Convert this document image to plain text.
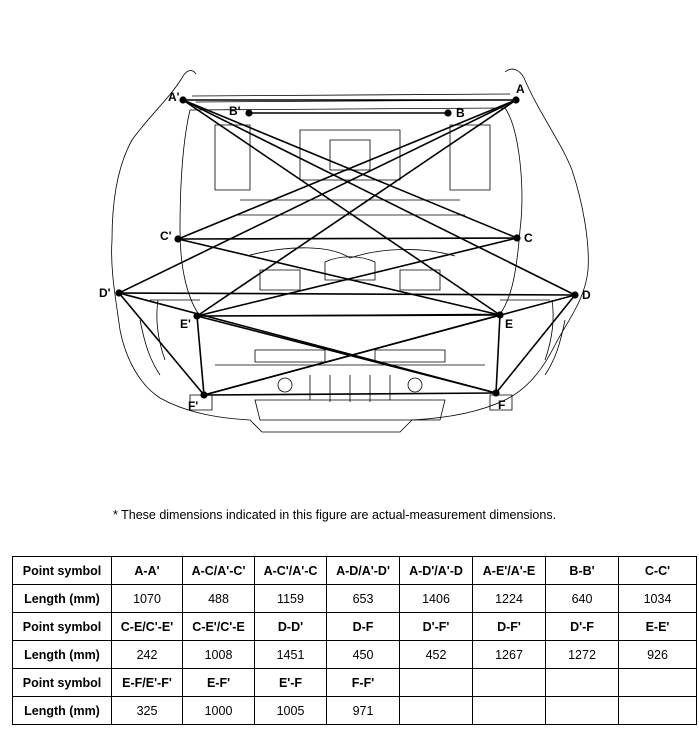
A
A'
B
B'
C
C'
D
D'
E
E'
F
F'
* These dimensions indicated in this figure are actual-measurement dimensions.
Point symbol	A-A'	A-C/A'-C'	A-C'/A'-C	A-D/A'-D'	A-D'/A'-D	A-E'/A'-E	B-B'	C-C'
Length (mm)	1070	488	1159	653	1406	1224	640	1034
Point symbol	C-E/C'-E'	C-E'/C'-E	D-D'	D-F	D'-F'	D-F'	D'-F	E-E'
Length (mm)	242	1008	1451	450	452	1267	1272	926
Point symbol	E-F/E'-F'	E-F'	E'-F	F-F'				
Length (mm)	325	1000	1005	971				
